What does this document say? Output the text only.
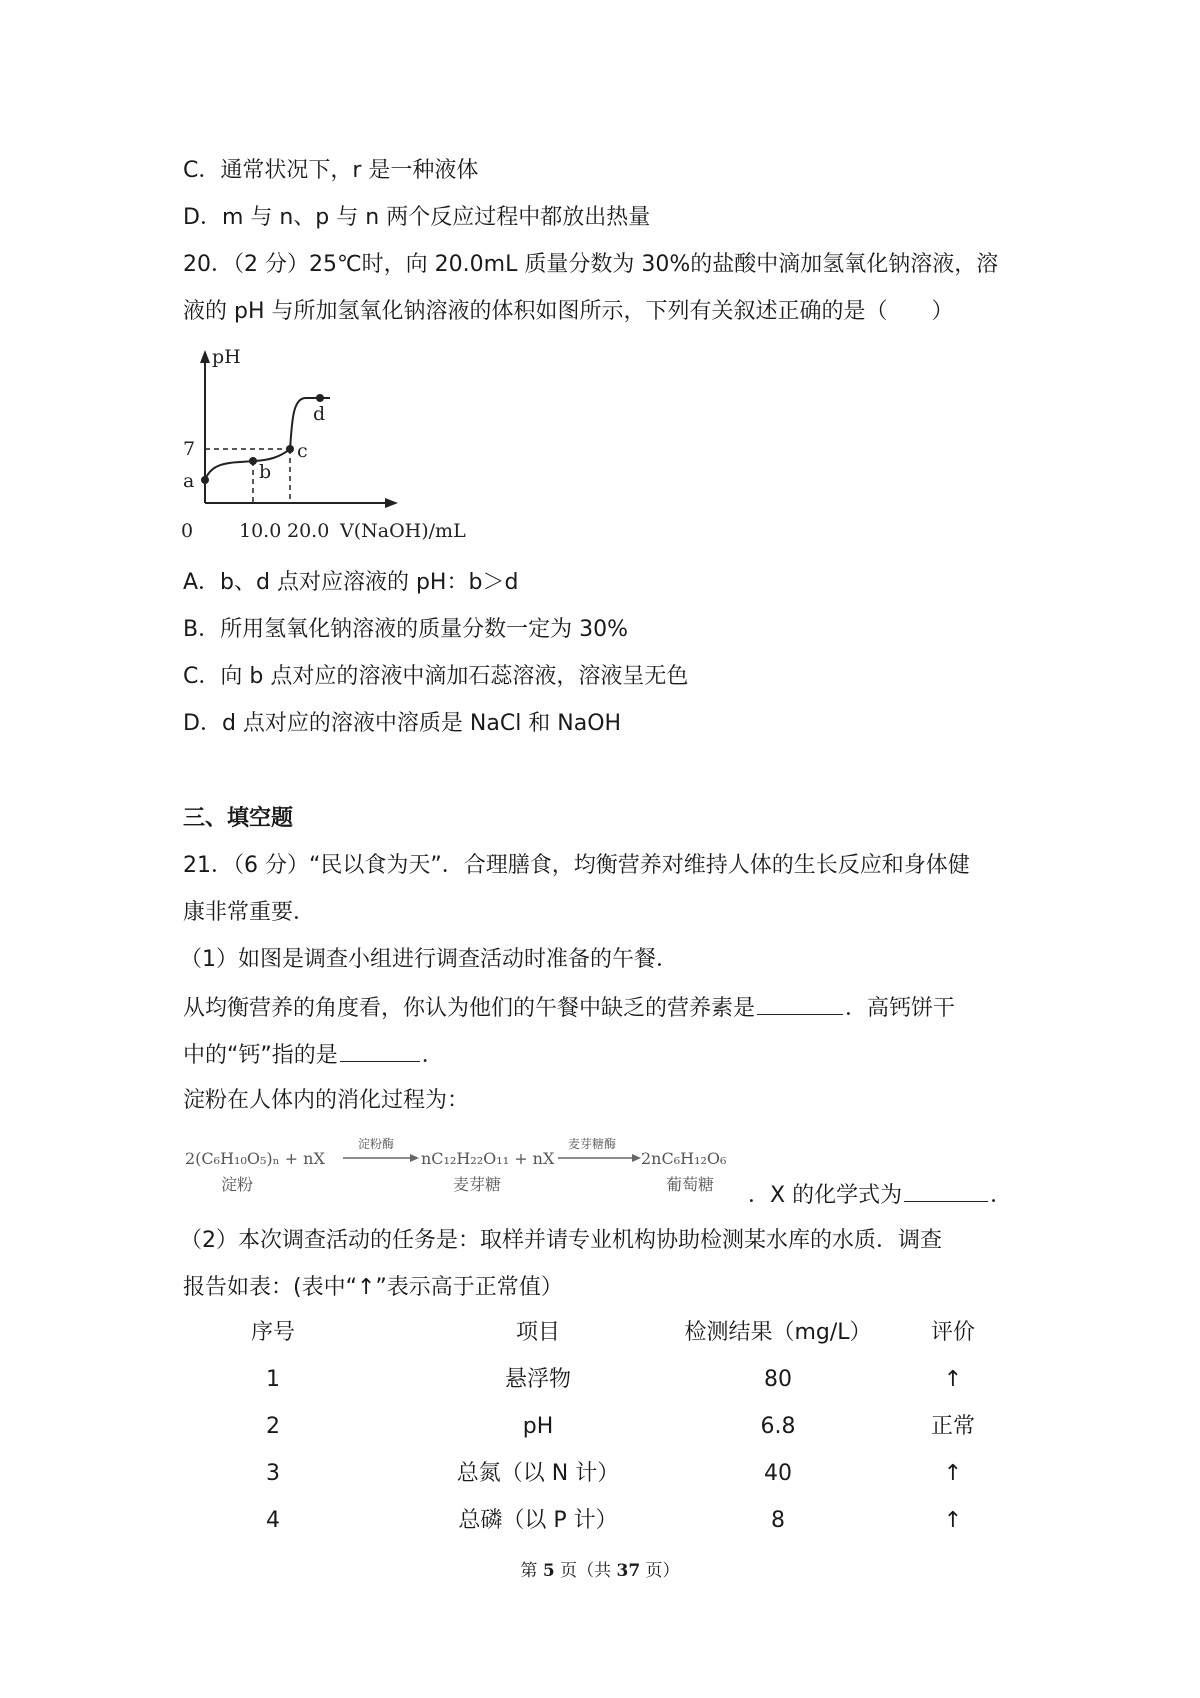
C．通常状况下，r 是一种液体
D．m 与 n、p 与 n 两个反应过程中都放出热量
20．（2 分）25℃时，向 20.0mL 质量分数为 30%的盐酸中滴加氢氧化钠溶液，溶
液的 pH 与所加氢氧化钠溶液的体积如图所示，下列有关叙述正确的是（　　）
pH
7
a	b
c
d
0 10.0 20.0 V(NaOH)/mL
A．b、d 点对应溶液的 pH：b＞d
B．所用氢氧化钠溶液的质量分数一定为 30%
C．向 b 点对应的溶液中滴加石蕊溶液，溶液呈无色
D．d 点对应的溶液中溶质是 NaCl 和 NaOH
三、填空题
21．（6 分）“民以食为天”．合理膳食，均衡营养对维持人体的生长反应和身体健
康非常重要．
（1）如图是调查小组进行调查活动时准备的午餐．
从均衡营养的角度看，你认为他们的午餐中缺乏的营养素是	．高钙饼干
中的“钙”指的是	．
淀粉在人体内的消化过程为：
2(C₆H₁₀O₅)ₙ + nX
淀粉酶
nC₁₂H₂₂O₁₁ + nX
麦芽糖酶
2nC₆H₁₂O₆
淀粉	麦芽糖	葡萄糖 ．X 的化学式为	．
（2）本次调查活动的任务是：取样并请专业机构协助检测某水库的水质．调查
报告如表：(表中“↑”表示高于正常值）
序号	项目	检测结果（mg/L）	评价
1	悬浮物	80	↑
2	pH	6.8	正常
3	总氮（以 N 计）	40	↑
4	总磷（以 P 计）	8	↑
第 5 页（共 37 页）
